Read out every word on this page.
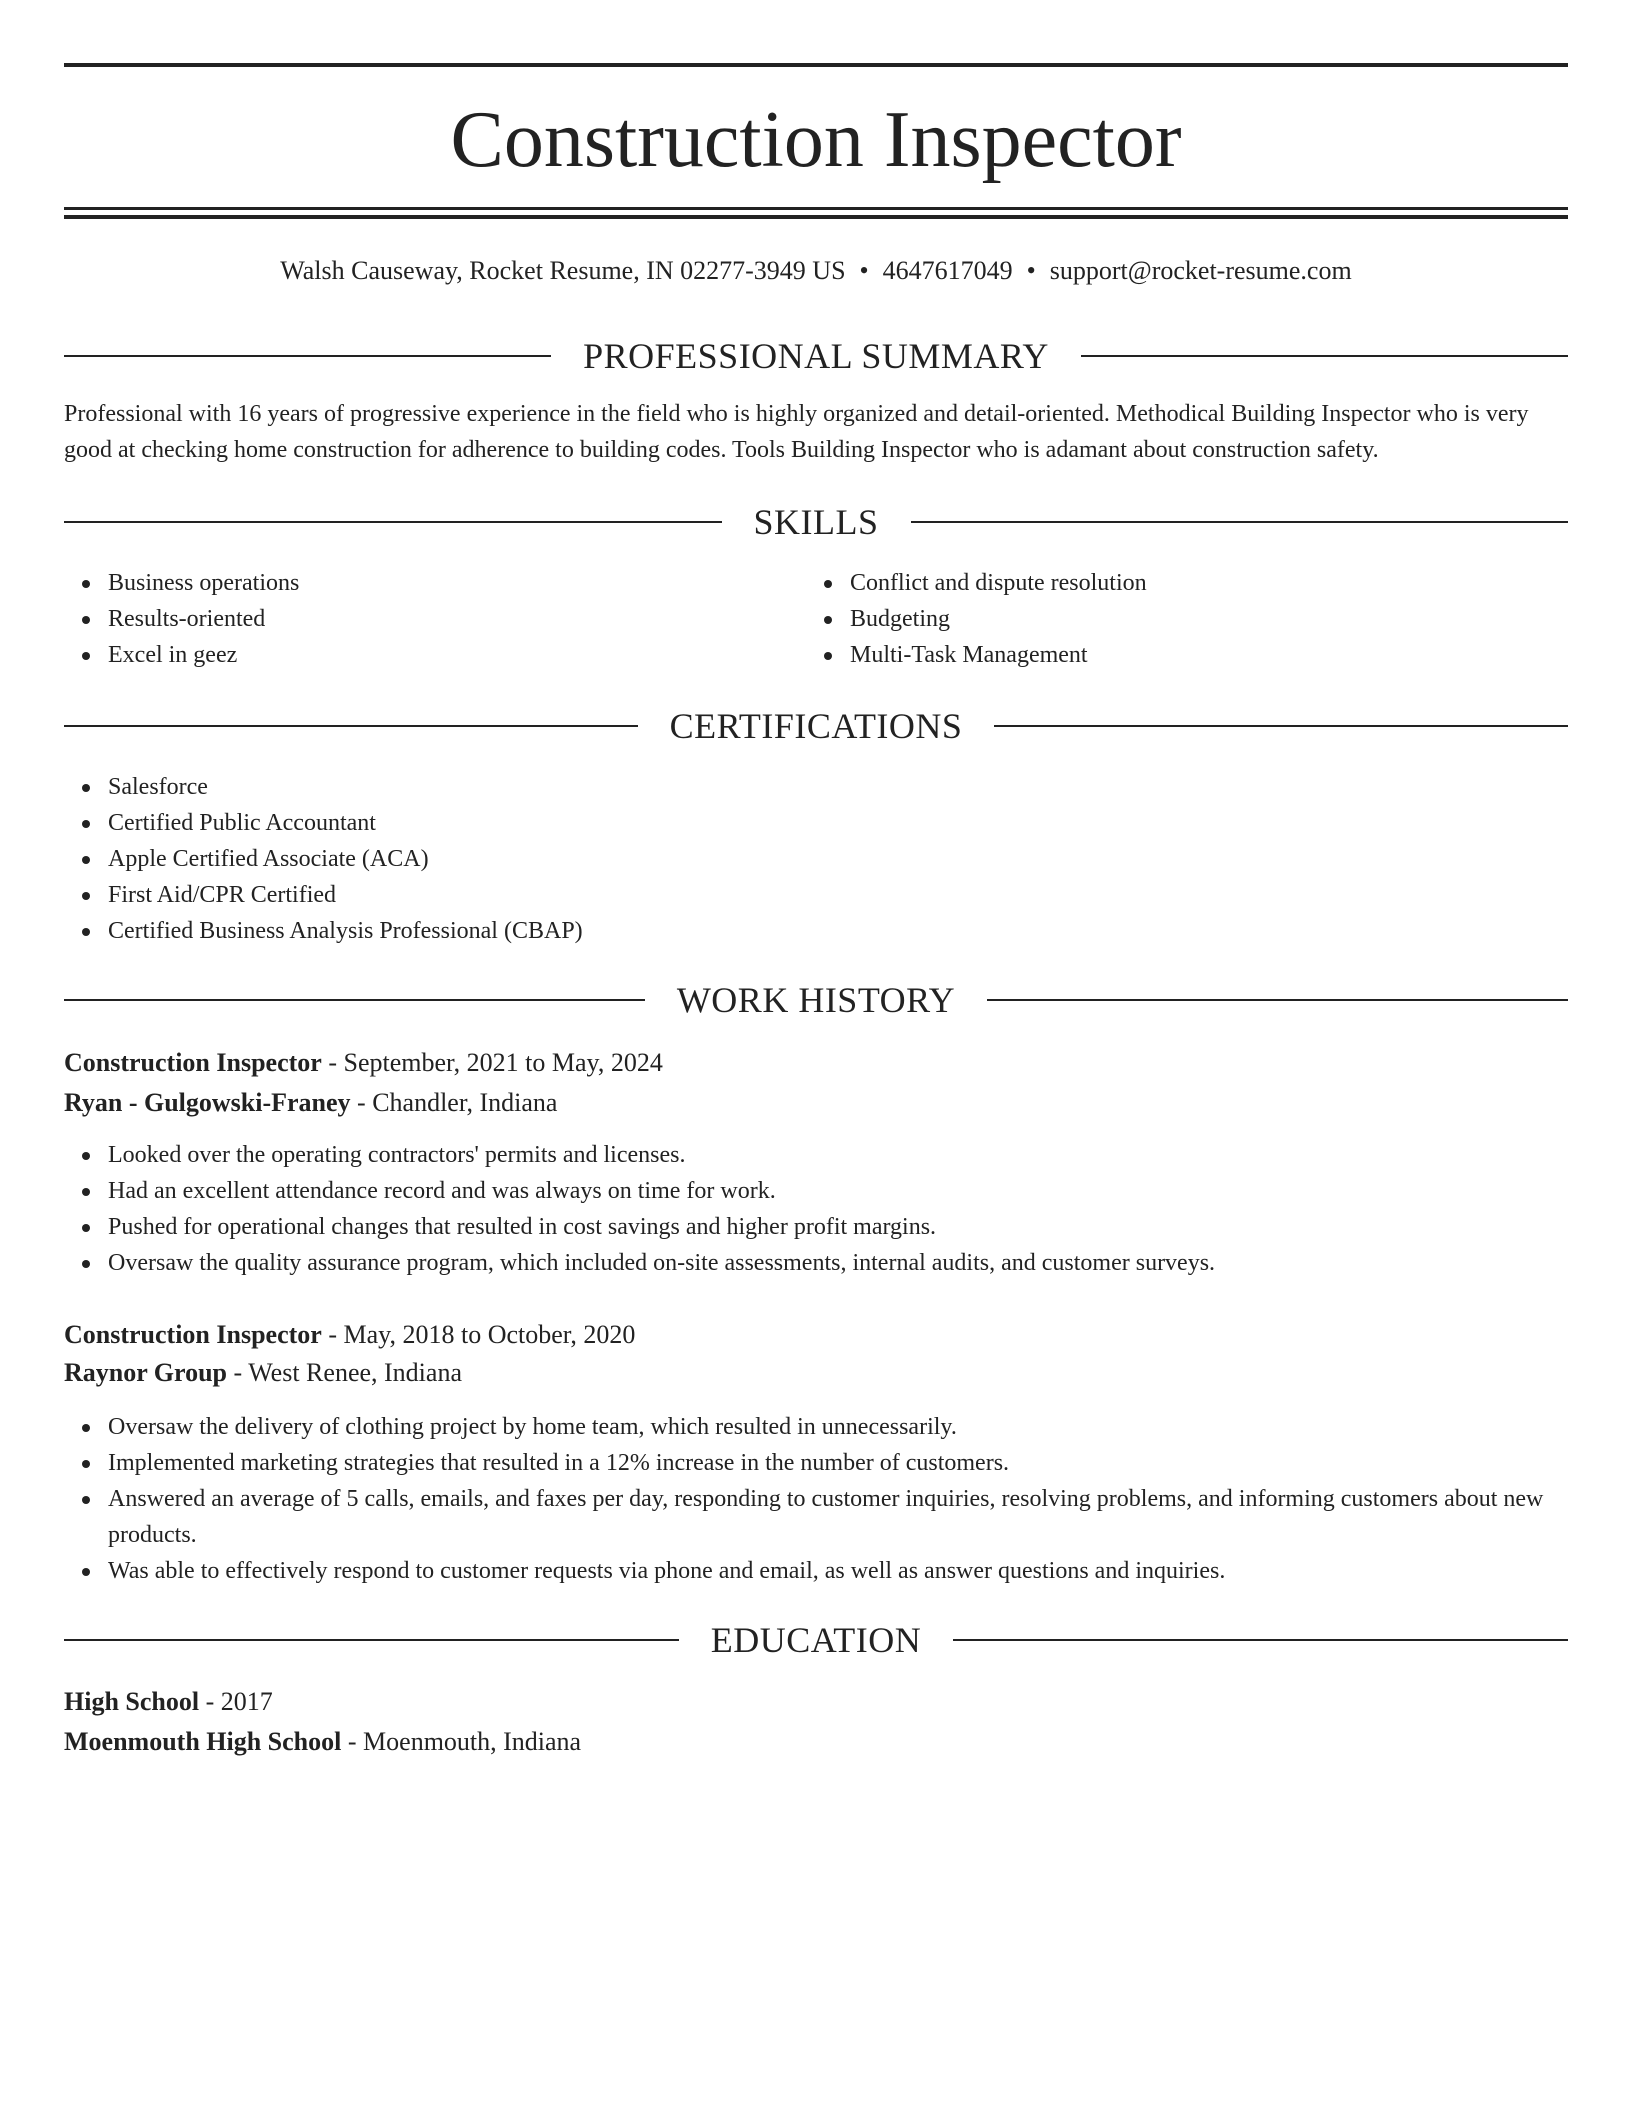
Construction Inspector
Walsh Causeway, Rocket Resume, IN 02277-3949 US • 4647617049 • support@rocket-resume.com
PROFESSIONAL SUMMARY

Professional with 16 years of progressive experience in the field who is highly organized and detail-oriented. Methodical Building Inspector who is very good at checking home construction for adherence to building codes. Tools Building Inspector who is adamant about construction safety.

SKILLS
Business operations
Results-oriented
Excel in geez
Conflict and dispute resolution
Budgeting
Multi-Task Management
CERTIFICATIONS
Salesforce
Certified Public Accountant
Apple Certified Associate (ACA)
First Aid/CPR Certified
Certified Business Analysis Professional (CBAP)
WORK HISTORY
Construction Inspector - September, 2021 to May, 2024
Ryan - Gulgowski-Franey - Chandler, Indiana
Looked over the operating contractors' permits and licenses.
Had an excellent attendance record and was always on time for work.
Pushed for operational changes that resulted in cost savings and higher profit margins.
Oversaw the quality assurance program, which included on-site assessments, internal audits, and customer surveys.
Construction Inspector - May, 2018 to October, 2020
Raynor Group - West Renee, Indiana
Oversaw the delivery of clothing project by home team, which resulted in unnecessarily.
Implemented marketing strategies that resulted in a 12% increase in the number of customers.
Answered an average of 5 calls, emails, and faxes per day, responding to customer inquiries, resolving problems, and informing customers about new products.
Was able to effectively respond to customer requests via phone and email, as well as answer questions and inquiries.
EDUCATION
High School - 2017
Moenmouth High School - Moenmouth, Indiana
